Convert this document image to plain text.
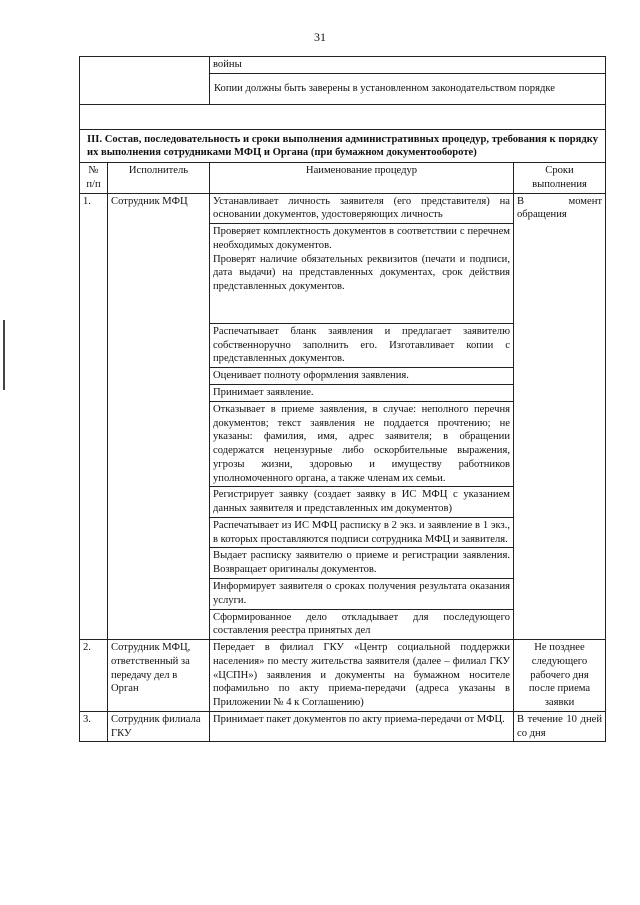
31
		войны	
		Копии должны быть заверены в установленном законодательством порядке	

III. Состав, последовательность и сроки выполнения административных процедур, требования к порядку их выполнения сотрудниками МФЦ и Органа (при бумажном документообороте)			
№ п/п	Исполнитель	Наименование процедур	Сроки выполнения
1.	Сотрудник МФЦ	Устанавливает личность заявителя (его представителя) на основании документов, удостоверяющих личность	В момент обращения

		Проверяет комплектность документов в соответствии с перечнем необходимых документов.
Проверят наличие обязательных реквизитов (печати и подписи, дата выдачи) на представленных документах, срок действия представленных документов.	

		Распечатывает бланк заявления и предлагает заявителю собственноручно заполнить его. Изготавливает копии с представленных документов.	
		Оценивает полноту оформления заявления.	
		Принимает заявление.	
		Отказывает в приеме заявления, в случае: неполного перечня документов; текст заявления не поддается прочтению; не указаны: фамилия, имя, адрес заявителя; в обращении содержатся нецензурные либо оскорбительные выражения, угрозы жизни, здоровью и имуществу работников уполномоченного органа, а также членам их семьи.	
		Регистрирует заявку (создает заявку в ИС МФЦ с указанием данных заявителя и представленных им документов)	
		Распечатывает из ИС МФЦ расписку в 2 экз. и заявление в 1 экз., в которых проставляются подписи сотрудника МФЦ и заявителя.	
		Выдает расписку заявителю о приеме и регистрации заявления. Возвращает оригиналы документов.	
		Информирует заявителя о сроках получения результата оказания услуги.	
		Сформированное дело откладывает для последующего составления реестра принятых дел	
2.	Сотрудник МФЦ, ответственный за передачу дел в Орган	Передает в филиал ГКУ «Центр социальной поддержки населения» по месту жительства заявителя (далее – филиал ГКУ «ЦСПН») заявления и документы на бумажном носителе пофамильно по акту приема-передачи (адреса указаны в Приложении № 4 к Соглашению)	Не позднее следующего рабочего дня после приема заявки
3.	Сотрудник филиала ГКУ	Принимает пакет документов по акту приема-передачи от МФЦ.	В течение 10 дней со дня
